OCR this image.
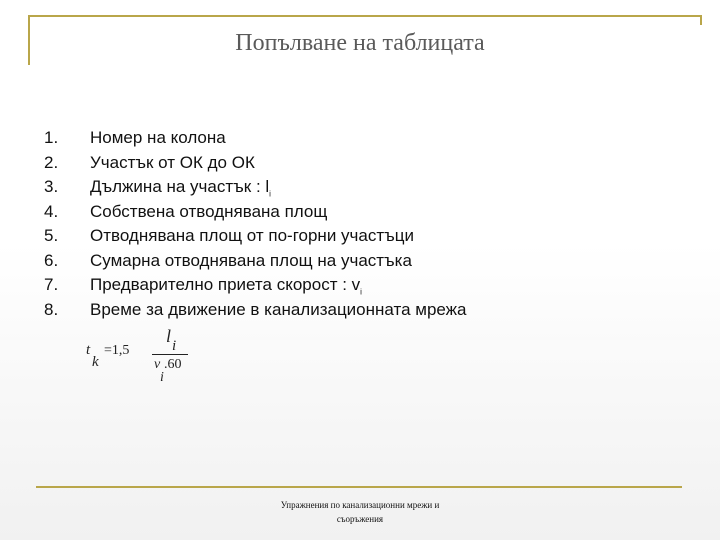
Попълване на таблицата
1. Номер на колона
2. Участък от ОК до ОК
3. Дължина на участък : $l_i$
4. Собствена отводнявана площ
5. Отводнявана площ от по-горни участъци
6. Сумарна отводнявана площ на участъка
7. Предварително приета скорост : $v_i$
8. Време за движение в канализационната мрежа
t
k
=1,5
l i
v
i
.60
Упражнения по канализационни мрежи и
съоръжения
